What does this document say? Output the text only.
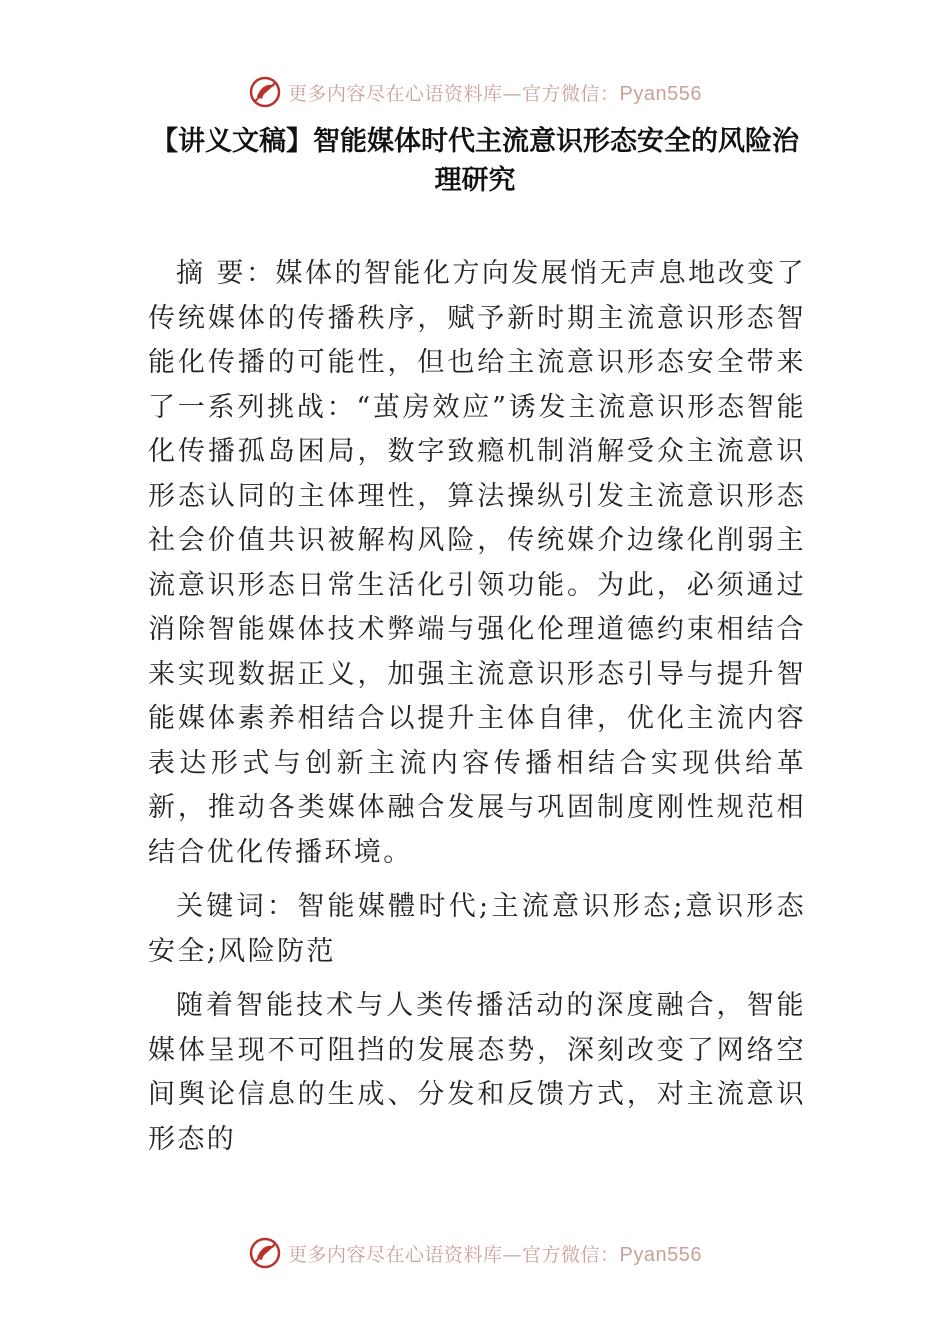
更多内容尽在心语资料库—官方微信：Pyan556
【讲义文稿】智能媒体时代主流意识形态安全的风险治理研究

摘 要：媒体的智能化方向发展悄无声息地改变了传统媒体的传播秩序，赋予新时期主流意识形态智能化传播的可能性，但也给主流意识形态安全带来了一系列挑战：“茧房效应”诱发主流意识形态智能化传播孤岛困局，数字致瘾机制消解受众主流意识形态认同的主体理性，算法操纵引发主流意识形态社会价值共识被解构风险，传统媒介边缘化削弱主流意识形态日常生活化引领功能。为此，必须通过消除智能媒体技术弊端与强化伦理道德约束相结合来实现数据正义，加强主流意识形态引导与提升智能媒体素养相结合以提升主体自律，优化主流内容表达形式与创新主流内容传播相结合实现供给革新，推动各类媒体融合发展与巩固制度刚性规范相结合优化传播环境。

关键词：智能媒體时代;主流意识形态;意识形态安全;风险防范

随着智能技术与人类传播活动的深度融合，智能媒体呈现不可阻挡的发展态势，深刻改变了网络空间舆论信息的生成、分发和反馈方式，对主流意识形态的

更多内容尽在心语资料库—官方微信：Pyan556
